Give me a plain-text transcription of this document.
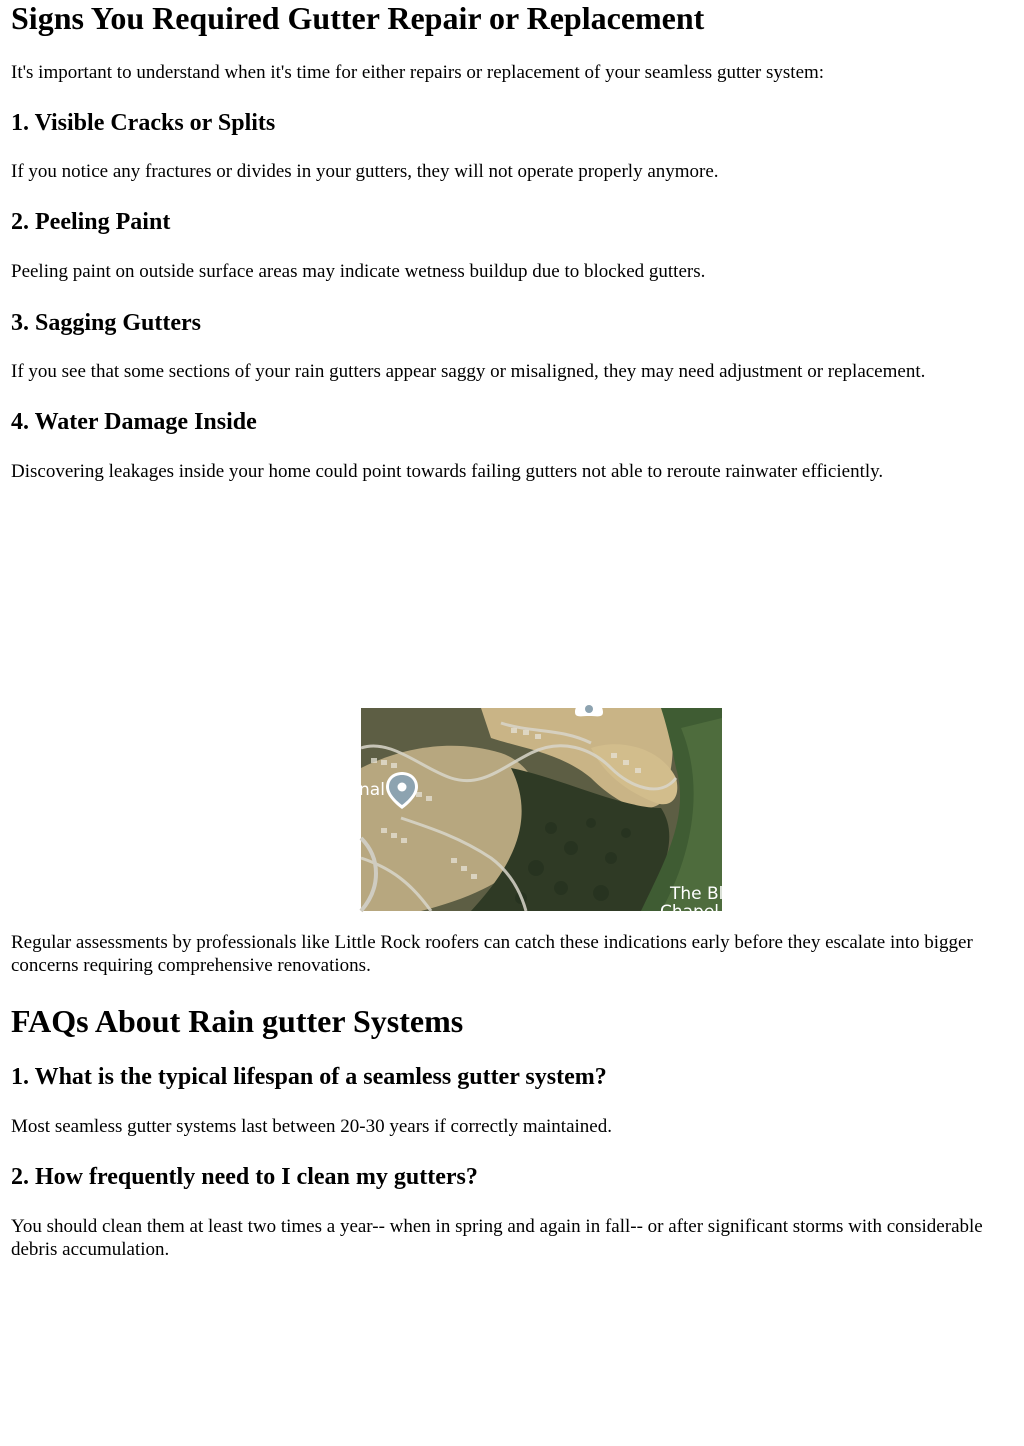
Signs You Required Gutter Repair or Replacement

It's important to understand when it's time for either repairs or replacement of your seamless gutter system:

1. Visible Cracks or Splits

If you notice any fractures or divides in your gutters, they will not operate properly anymore.

2. Peeling Paint

Peeling paint on outside surface areas may indicate wetness buildup due to blocked gutters.

3. Sagging Gutters

If you see that some sections of your rain gutters appear saggy or misaligned, they may need adjustment or replacement.

4. Water Damage Inside

Discovering leakages inside your home could point towards failing gutters not able to reroute rainwater efficiently.

Regular assessments by professionals like Little Rock roofers can catch these indications early before they escalate into bigger concerns requiring comprehensive renovations.

FAQs About Rain gutter Systems
1. What is the typical lifespan of a seamless gutter system?

Most seamless gutter systems last between 20-30 years if correctly maintained.

2. How frequently need to I clean my gutters?

You should clean them at least two times a year-- when in spring and again in fall-- or after significant storms with considerable debris accumulation.

nal
The Bl
Chapel
